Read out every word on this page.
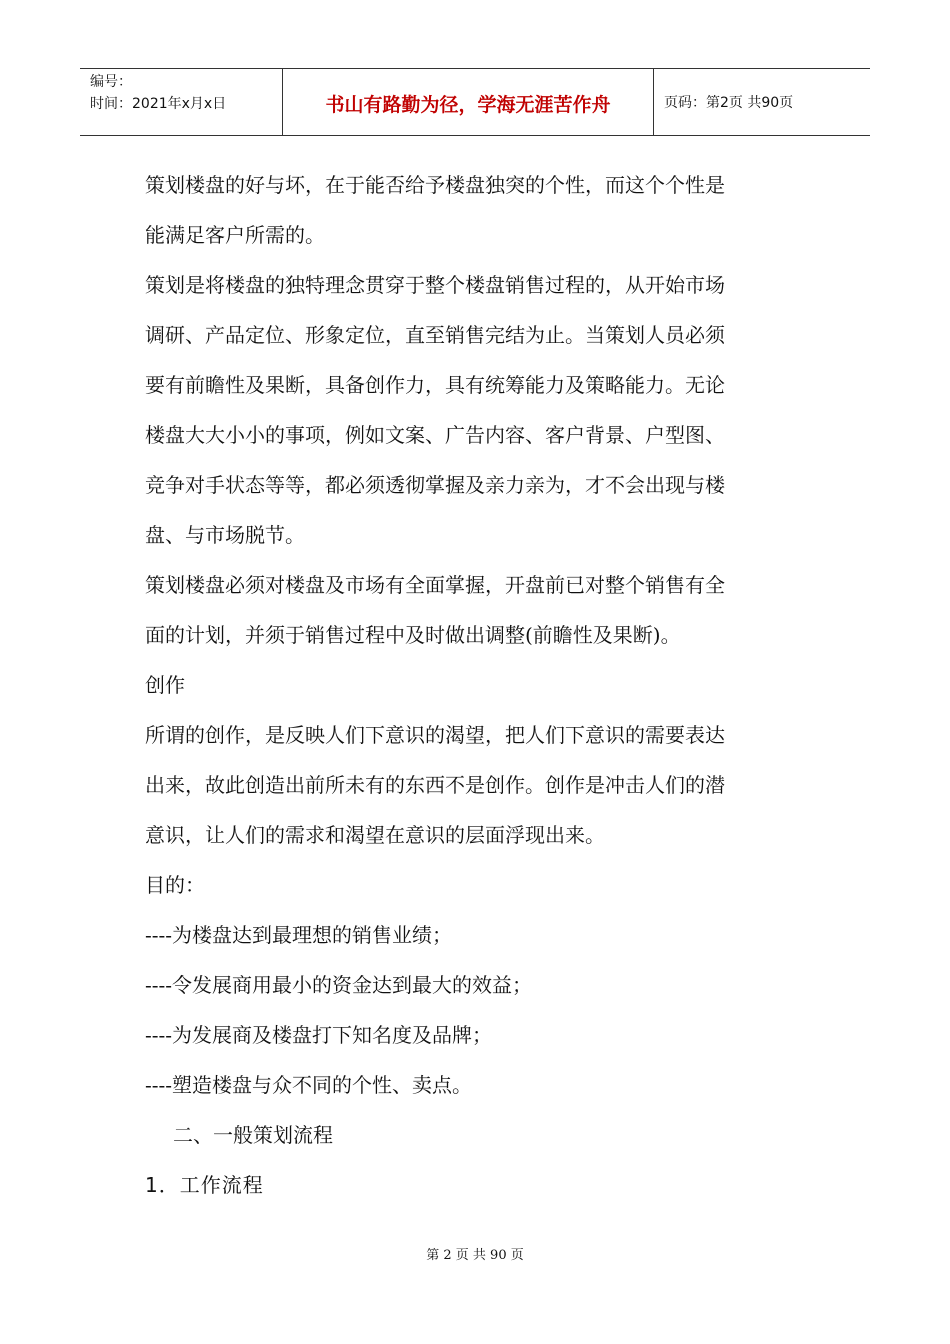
编号：
时间：2021年x月x日	书山有路勤为径，学海无涯苦作舟	页码：第2页 共90页
策划楼盘的好与坏，在于能否给予楼盘独突的个性，而这个个性是
能满足客户所需的。
策划是将楼盘的独特理念贯穿于整个楼盘销售过程的，从开始市场
调研、产品定位、形象定位，直至销售完结为止。当策划人员必须
要有前瞻性及果断，具备创作力，具有统筹能力及策略能力。无论
楼盘大大小小的事项，例如文案、广告内容、客户背景、户型图、
竞争对手状态等等，都必须透彻掌握及亲力亲为，才不会出现与楼
盘、与市场脱节。
策划楼盘必须对楼盘及市场有全面掌握，开盘前已对整个销售有全
面的计划，并须于销售过程中及时做出调整(前瞻性及果断)。
创作
所谓的创作，是反映人们下意识的渴望，把人们下意识的需要表达
出来，故此创造出前所未有的东西不是创作。创作是冲击人们的潜
意识，让人们的需求和渴望在意识的层面浮现出来。
目的：
----为楼盘达到最理想的销售业绩；
----令发展商用最小的资金达到最大的效益；
----为发展商及楼盘打下知名度及品牌；
----塑造楼盘与众不同的个性、卖点。
二、一般策划流程
1．工作流程
第 2 页 共 90 页
